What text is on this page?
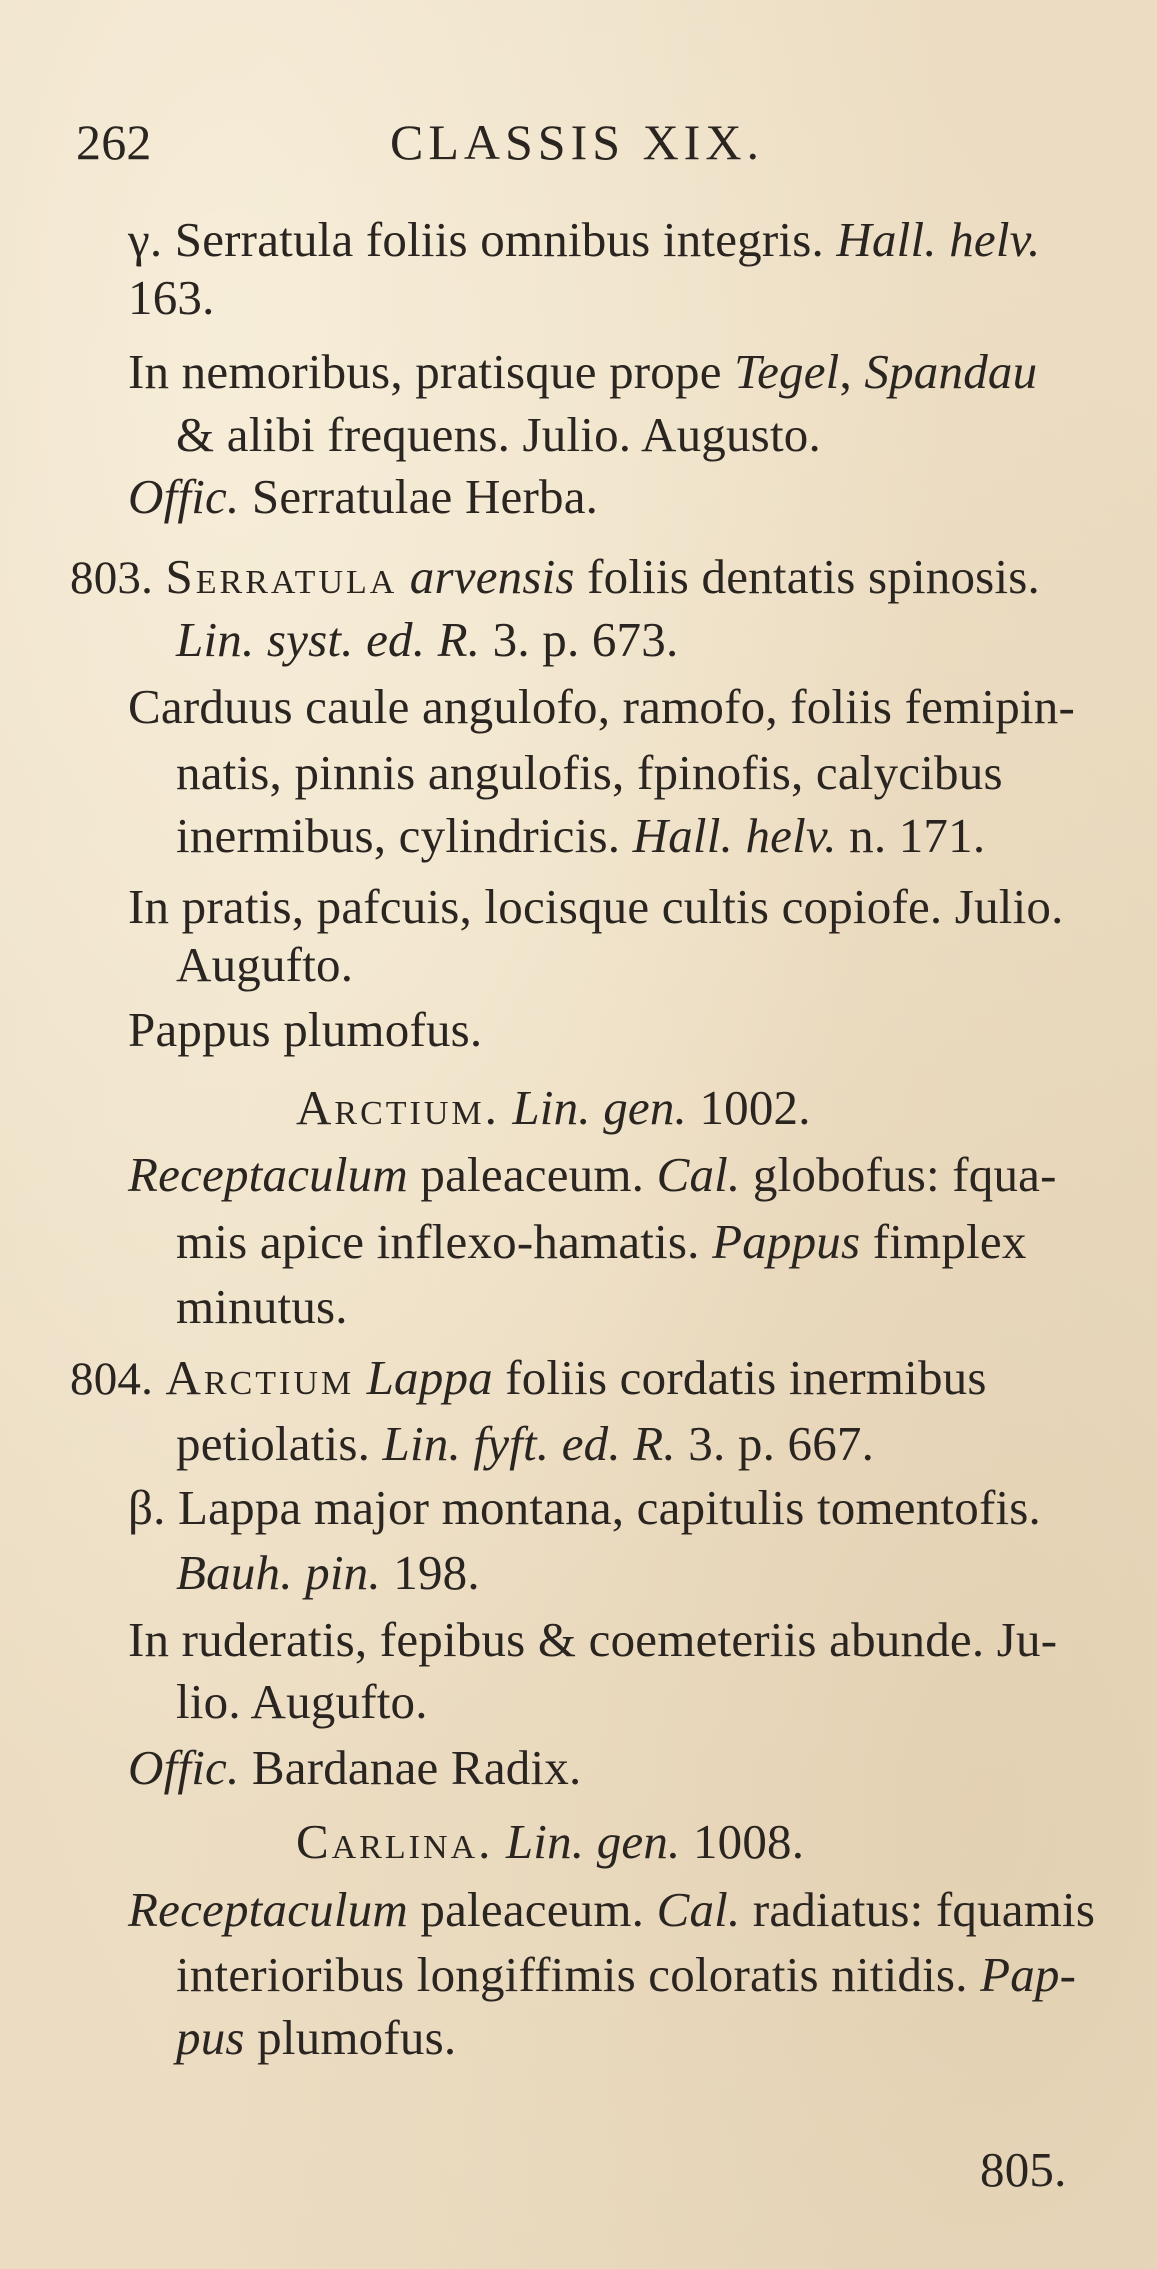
262	CLASSIS XIX.
γ. Serratula foliis omnibus integris. Hall. helv.
163.
In nemoribus, pratisque prope Tegel, Spandau
& alibi frequens. Julio. Augusto.
Offic. Serratulae Herba.
803. Serratula arvensis foliis dentatis spinosis.
Lin. syst. ed. R. 3. p. 673.
Carduus caule angulofo, ramofo, foliis femipin-
natis, pinnis angulofis, fpinofis, calycibus
inermibus, cylindricis. Hall. helv. n. 171.
In pratis, pafcuis, locisque cultis copiofe. Julio.
Augufto.
Pappus plumofus.
Arctium. Lin. gen. 1002.
Receptaculum paleaceum. Cal. globofus: fqua-
mis apice inflexo-hamatis. Pappus fimplex
minutus.
804. Arctium Lappa foliis cordatis inermibus
petiolatis. Lin. fyft. ed. R. 3. p. 667.
β. Lappa major montana, capitulis tomentofis.
Bauh. pin. 198.
In ruderatis, fepibus & coemeteriis abunde. Ju-
lio. Augufto.
Offic. Bardanae Radix.
Carlina. Lin. gen. 1008.
Receptaculum paleaceum. Cal. radiatus: fquamis
interioribus longiffimis coloratis nitidis. Pap-
pus plumofus.
805.
